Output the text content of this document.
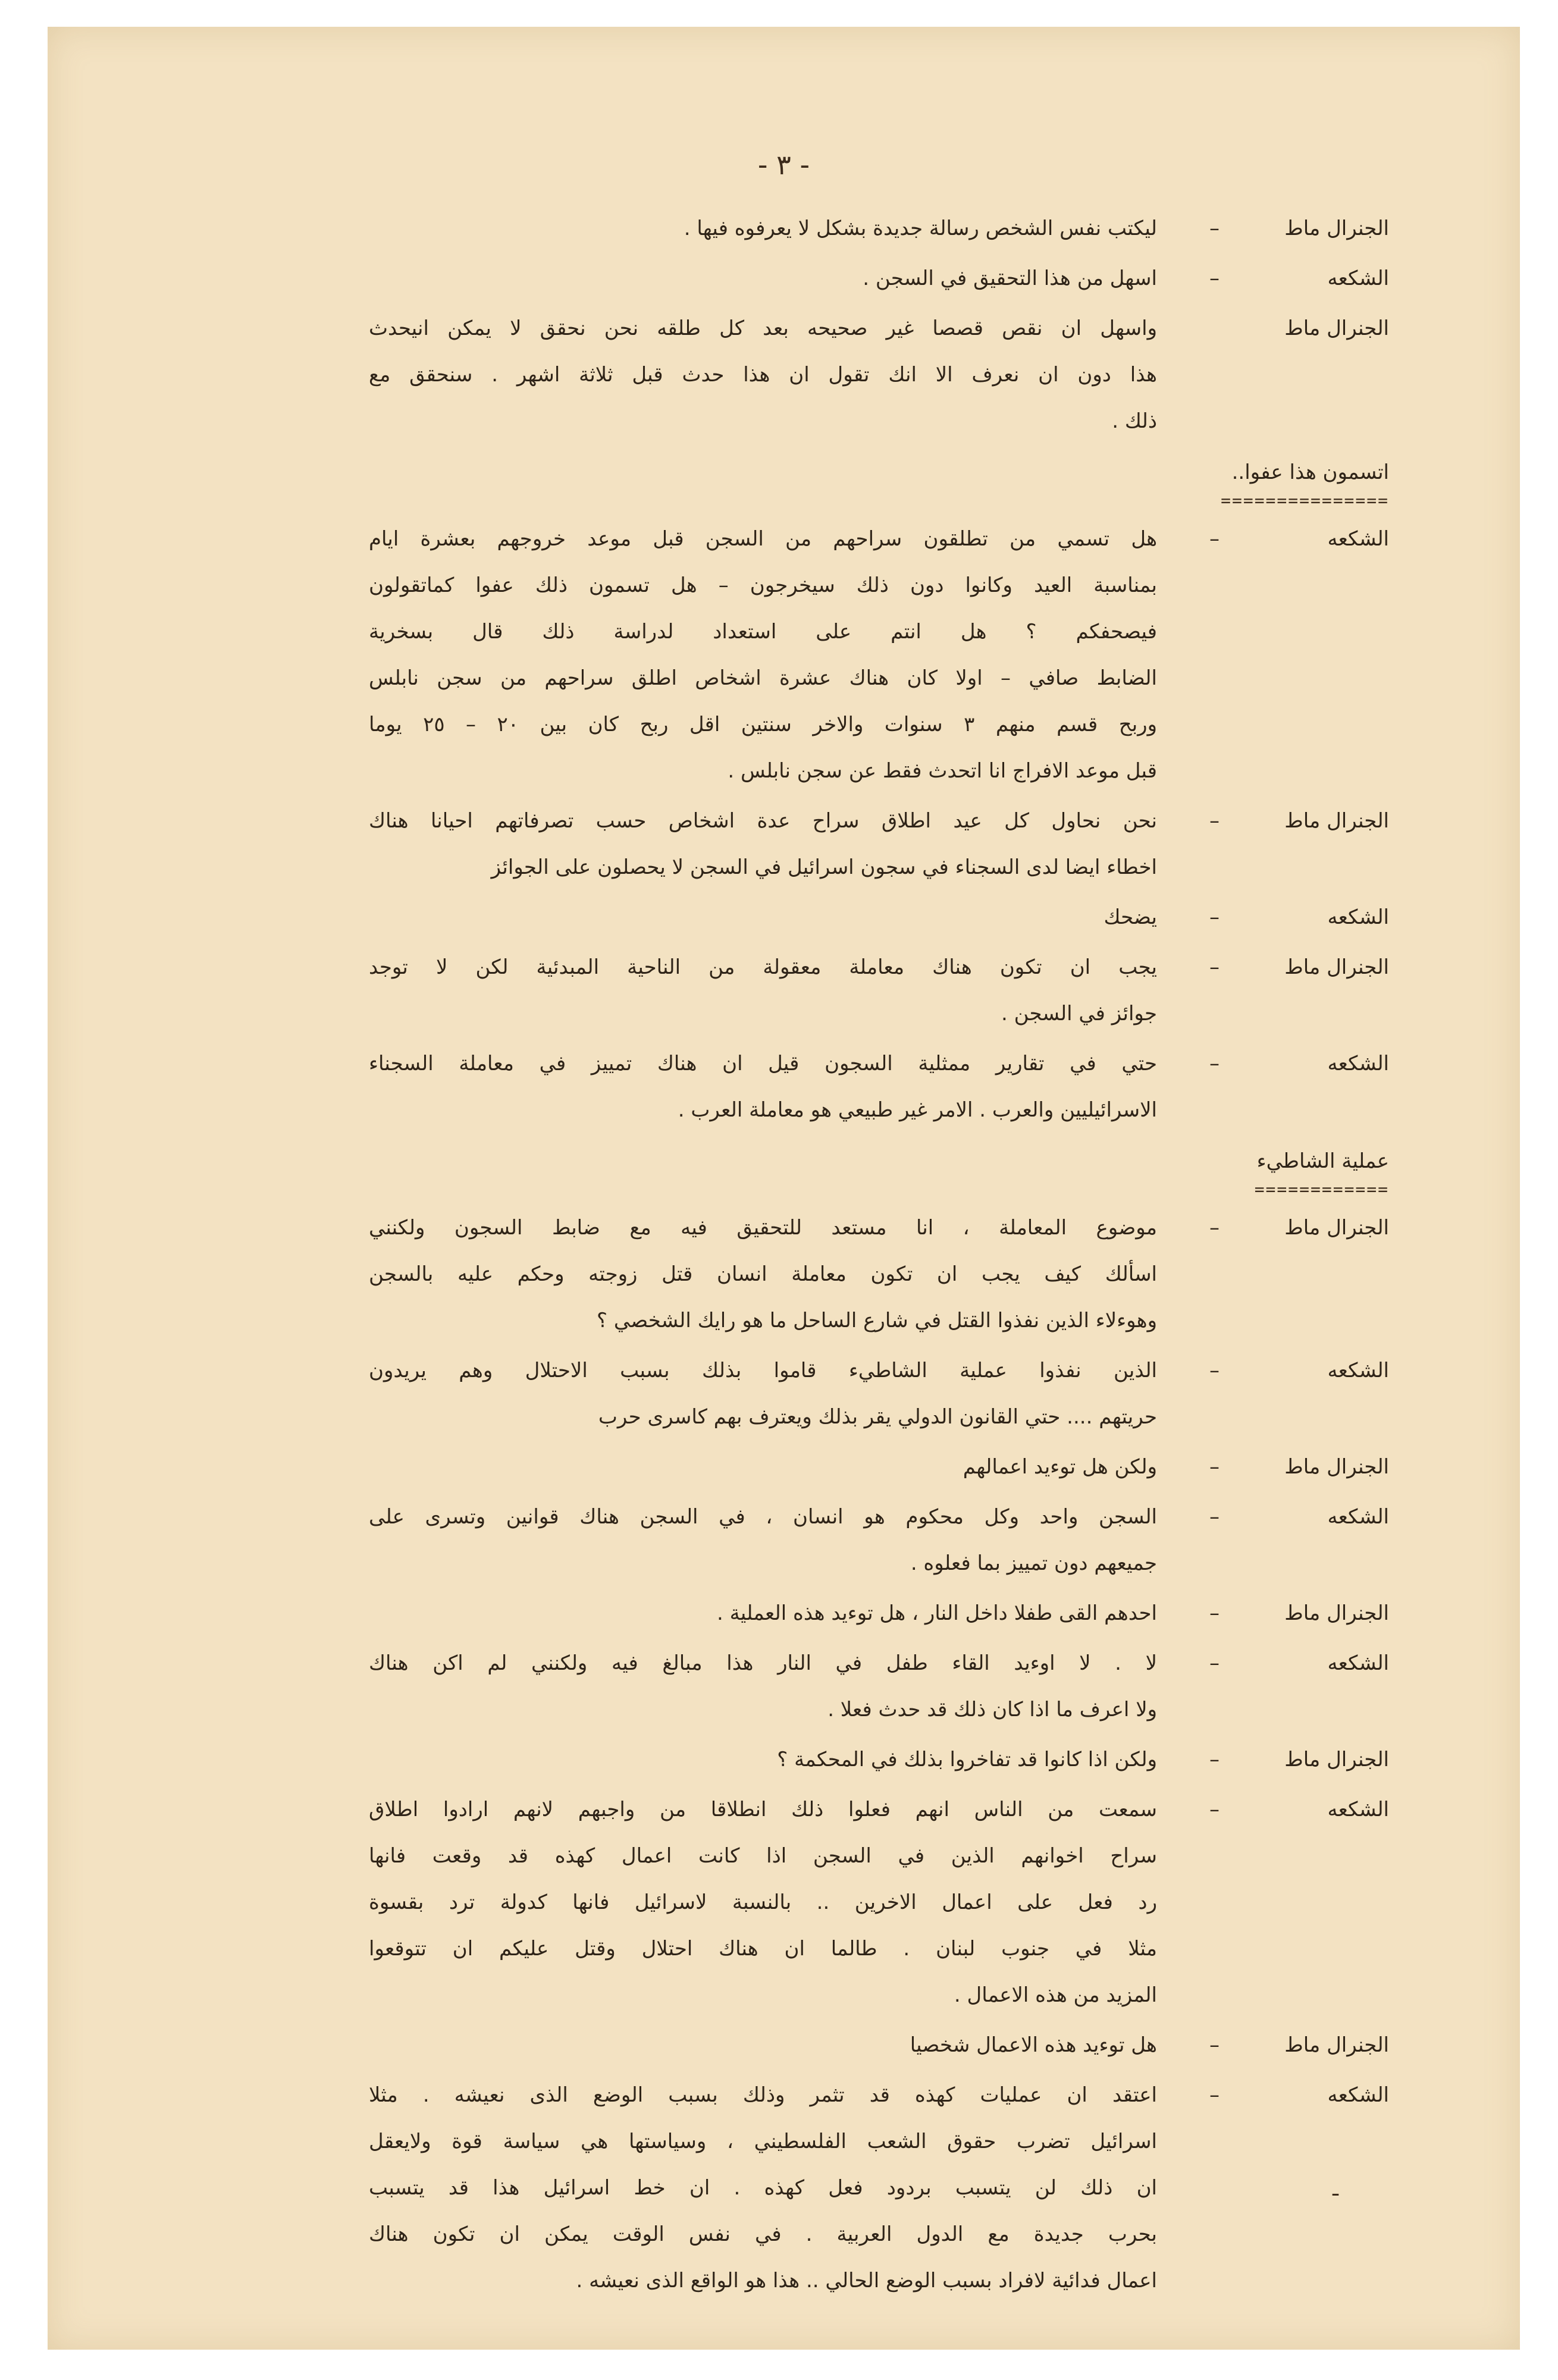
- ٣ -
الجنرال ماط
–
ليكتب نفس الشخص رسالة جديدة بشكل لا يعرفوه فيها .
الشكعه
–
اسهل من هذا التحقيق في السجن .
الجنرال ماط
واسهل ان نقص قصصا غير صحيحه بعد كل طلقه نحن نحقق لا يمكن انيحدث
هذا دون ان نعرف الا انك تقول ان هذا حدث قبل ثلاثة اشهر . سنحقق مع
ذلك .
اتسمون هذا عفوا..
===============
الشكعه
–
هل تسمي من تطلقون سراحهم من السجن قبل موعد خروجهم بعشرة ايام
بمناسبة العيد وكانوا دون ذلك سيخرجون – هل تسمون ذلك عفوا كماتقولون
فيصحفكم ؟ هل انتم على استعداد لدراسة ذلك قال بسخرية
الضابط صافي – اولا كان هناك عشرة اشخاص اطلق سراحهم من سجن نابلس
وربح قسم منهم ٣ سنوات والاخر سنتين اقل ربح كان بين ٢٠ – ٢٥ يوما
قبل موعد الافراج انا اتحدث فقط عن سجن نابلس .
الجنرال ماط
–
نحن نحاول كل عيد اطلاق سراح عدة اشخاص حسب تصرفاتهم احيانا هناك
اخطاء ايضا لدى السجناء في سجون اسرائيل في السجن لا يحصلون على الجوائز
الشكعه
–
يضحك
الجنرال ماط
–
يجب ان تكون هناك معاملة معقولة من الناحية المبدئية لكن لا توجد
جوائز في السجن .
الشكعه
–
حتي في تقارير ممثلية السجون قيل ان هناك تمييز في معاملة السجناء
الاسرائيليين والعرب . الامر غير طبيعي هو معاملة العرب .
عملية الشاطيء
============
الجنرال ماط
–
موضوع المعاملة ، انا مستعد للتحقيق فيه مع ضابط السجون ولكنني
اسألك كيف يجب ان تكون معاملة انسان قتل زوجته وحكم عليه بالسجن
وهوءلاء الذين نفذوا القتل في شارع الساحل ما هو رايك الشخصي ؟
الشكعه
–
الذين نفذوا عملية الشاطيء قاموا بذلك بسبب الاحتلال وهم يريدون
حريتهم .... حتي القانون الدولي يقر بذلك ويعترف بهم كاسرى حرب
الجنرال ماط
–
ولكن هل توءيد اعمالهم
الشكعه
–
السجن واحد وكل محكوم هو انسان ، في السجن هناك قوانين وتسرى على
جميعهم دون تمييز بما فعلوه .
الجنرال ماط
–
احدهم القى طفلا داخل النار ، هل توءيد هذه العملية .
الشكعه
–
لا . لا اوءيد القاء طفل في النار هذا مبالغ فيه ولكنني لم اكن هناك
ولا اعرف ما اذا كان ذلك قد حدث فعلا .
الجنرال ماط
–
ولكن اذا كانوا قد تفاخروا بذلك في المحكمة ؟
الشكعه
–
سمعت من الناس انهم فعلوا ذلك انطلاقا من واجبهم لانهم ارادوا اطلاق
سراح اخوانهم الذين في السجن اذا كانت اعمال كهذه قد وقعت فانها
رد فعل على اعمال الاخرين .. بالنسبة لاسرائيل فانها كدولة ترد بقسوة
مثلا في جنوب لبنان . طالما ان هناك احتلال وقتل عليكم ان تتوقعوا
المزيد من هذه الاعمال .
الجنرال ماط
–
هل توءيد هذه الاعمال شخصيا
الشكعه
–
اعتقد ان عمليات كهذه قد تثمر وذلك بسبب الوضع الذى نعيشه . مثلا
اسرائيل تضرب حقوق الشعب الفلسطيني ، وسياستها هي سياسة قوة ولايعقل
ان ذلك لن يتسبب بردود فعل كهذه . ان خط اسرائيل هذا قد يتسبب
بحرب جديدة مع الدول العربية . في نفس الوقت يمكن ان تكون هناك
اعمال فدائية لافراد بسبب الوضع الحالي .. هذا هو الواقع الذى نعيشه .
ـ
